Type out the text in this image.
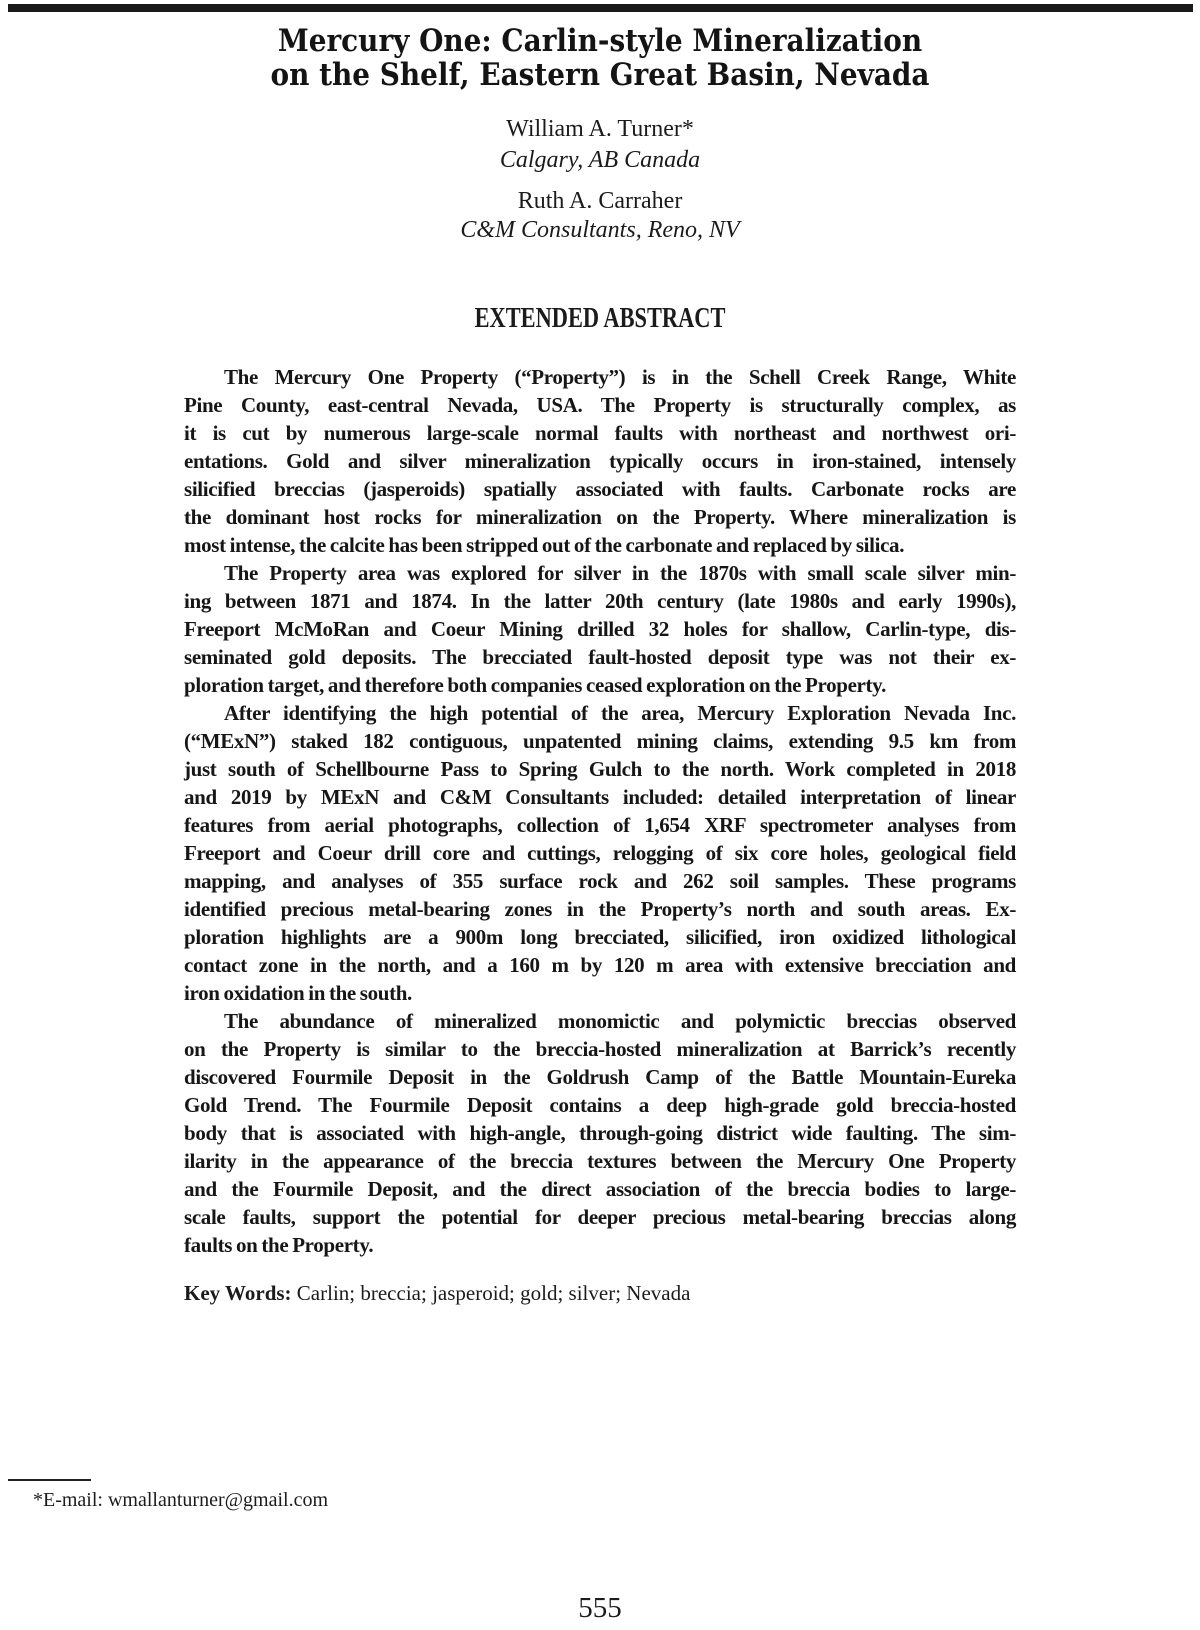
Mercury One: Carlin-style Mineralization
on the Shelf, Eastern Great Basin, Nevada
William A. Turner*
Calgary, AB Canada
Ruth A. Carraher
C&M Consultants, Reno, NV
EXTENDED ABSTRACT
The Mercury One Property (“Property”) is in the Schell Creek Range, White
Pine County, east-central Nevada, USA. The Property is structurally complex, as
it is cut by numerous large-scale normal faults with northeast and northwest ori-
entations. Gold and silver mineralization typically occurs in iron-stained, intensely
silicified breccias (jasperoids) spatially associated with faults. Carbonate rocks are
the dominant host rocks for mineralization on the Property. Where mineralization is
most intense, the calcite has been stripped out of the carbonate and replaced by silica.
The Property area was explored for silver in the 1870s with small scale silver min-
ing between 1871 and 1874. In the latter 20th century (late 1980s and early 1990s),
Freeport McMoRan and Coeur Mining drilled 32 holes for shallow, Carlin-type, dis-
seminated gold deposits. The brecciated fault-hosted deposit type was not their ex-
ploration target, and therefore both companies ceased exploration on the Property.
After identifying the high potential of the area, Mercury Exploration Nevada Inc.
(“MExN”) staked 182 contiguous, unpatented mining claims, extending 9.5 km from
just south of Schellbourne Pass to Spring Gulch to the north. Work completed in 2018
and 2019 by MExN and C&M Consultants included: detailed interpretation of linear
features from aerial photographs, collection of 1,654 XRF spectrometer analyses from
Freeport and Coeur drill core and cuttings, relogging of six core holes, geological field
mapping, and analyses of 355 surface rock and 262 soil samples. These programs
identified precious metal-bearing zones in the Property’s north and south areas. Ex-
ploration highlights are a 900m long brecciated, silicified, iron oxidized lithological
contact zone in the north, and a 160 m by 120 m area with extensive brecciation and
iron oxidation in the south.
The abundance of mineralized monomictic and polymictic breccias observed
on the Property is similar to the breccia-hosted mineralization at Barrick’s recently
discovered Fourmile Deposit in the Goldrush Camp of the Battle Mountain-Eureka
Gold Trend. The Fourmile Deposit contains a deep high-grade gold breccia-hosted
body that is associated with high-angle, through-going district wide faulting. The sim-
ilarity in the appearance of the breccia textures between the Mercury One Property
and the Fourmile Deposit, and the direct association of the breccia bodies to large-
scale faults, support the potential for deeper precious metal-bearing breccias along
faults on the Property.
Key Words: Carlin; breccia; jasperoid; gold; silver; Nevada
*E-mail: wmallanturner@gmail.com
555
